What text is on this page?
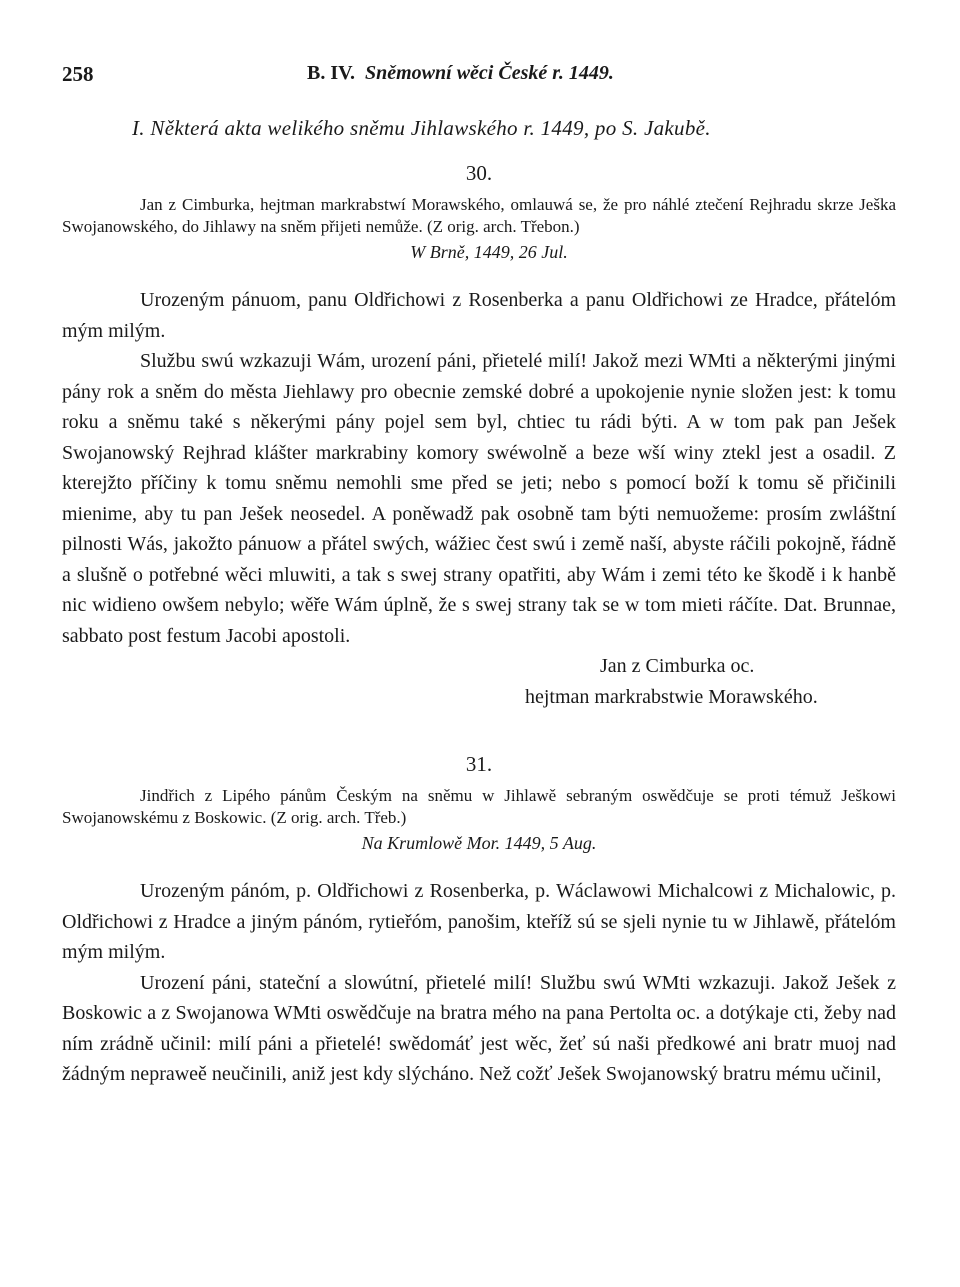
258	B. IV. Sněmowní wěci České r. 1449.
I. Některá akta welikého sněmu Jihlawského r. 1449, po S. Jakubě.
30.

Jan z Cimburka, hejtman markrabstwí Morawského, omlauwá se, že pro náhlé ztečení Rejhradu skrze Ješka Swojanowského, do Jihlawy na sněm přijeti nemůže. (Z orig. arch. Třebon.)

W Brně, 1449, 26 Jul.

Urozeným pánuom, panu Oldřichowi z Rosenberka a panu Oldřichowi ze Hradce, přátelóm mým milým.

Službu swú wzkazuji Wám, urození páni, přietelé milí! Jakož mezi WMti a některými jinými pány rok a sněm do města Jiehlawy pro obecnie zemské dobré a upokojenie nynie složen jest: k tomu roku a sněmu také s někerými pány pojel sem byl, chtiec tu rádi býti. A w tom pak pan Ješek Swojanowský Rejhrad klášter markrabiny komory swéwolně a beze wší winy ztekl jest a osadil. Z kterejžto příčiny k tomu sněmu nemohli sme před se jeti; nebo s pomocí boží k tomu sě přičinili mienime, aby tu pan Ješek neosedel. A poněwadž pak osobně tam býti nemuožeme: prosím zwláštní pilnosti Wás, jakožto pánuow a přátel swých, wážiec čest swú i země naší, abyste ráčili pokojně, řádně a slušně o potřebné wěci mluwiti, a tak s swej strany opatřiti, aby Wám i zemi této ke škodě i k hanbě nic widieno owšem nebylo; wěře Wám úplně, že s swej strany tak se w tom mieti ráčíte. Dat. Brunnae, sabbato post festum Jacobi apostoli.

Jan z Cimburka oc.

hejtman markrabstwie Morawského.

31.

Jindřich z Lipého pánům Českým na sněmu w Jihlawě sebraným oswědčuje se proti témuž Ješkowi Swojanowskému z Boskowic. (Z orig. arch. Třeb.)

Na Krumlowě Mor. 1449, 5 Aug.

Urozeným pánóm, p. Oldřichowi z Rosenberka, p. Wáclawowi Michalcowi z Michalowic, p. Oldřichowi z Hradce a jiným pánóm, rytieřóm, panošim, kteříž sú se sjeli nynie tu w Jihlawě, přátelóm mým milým.

Urození páni, stateční a slowútní, přietelé milí! Službu swú WMti wzkazuji. Jakož Ješek z Boskowic a z Swojanowa WMti oswědčuje na bratra mého na pana Pertolta oc. a dotýkaje cti, žeby nad ním zrádně učinil: milí páni a přietelé! swědomáť jest wěc, žeť sú naši předkowé ani bratr muoj nad žádným nepraweě neučinili, aniž jest kdy slýcháno. Než cožť Ješek Swojanowský bratru mému učinil,
